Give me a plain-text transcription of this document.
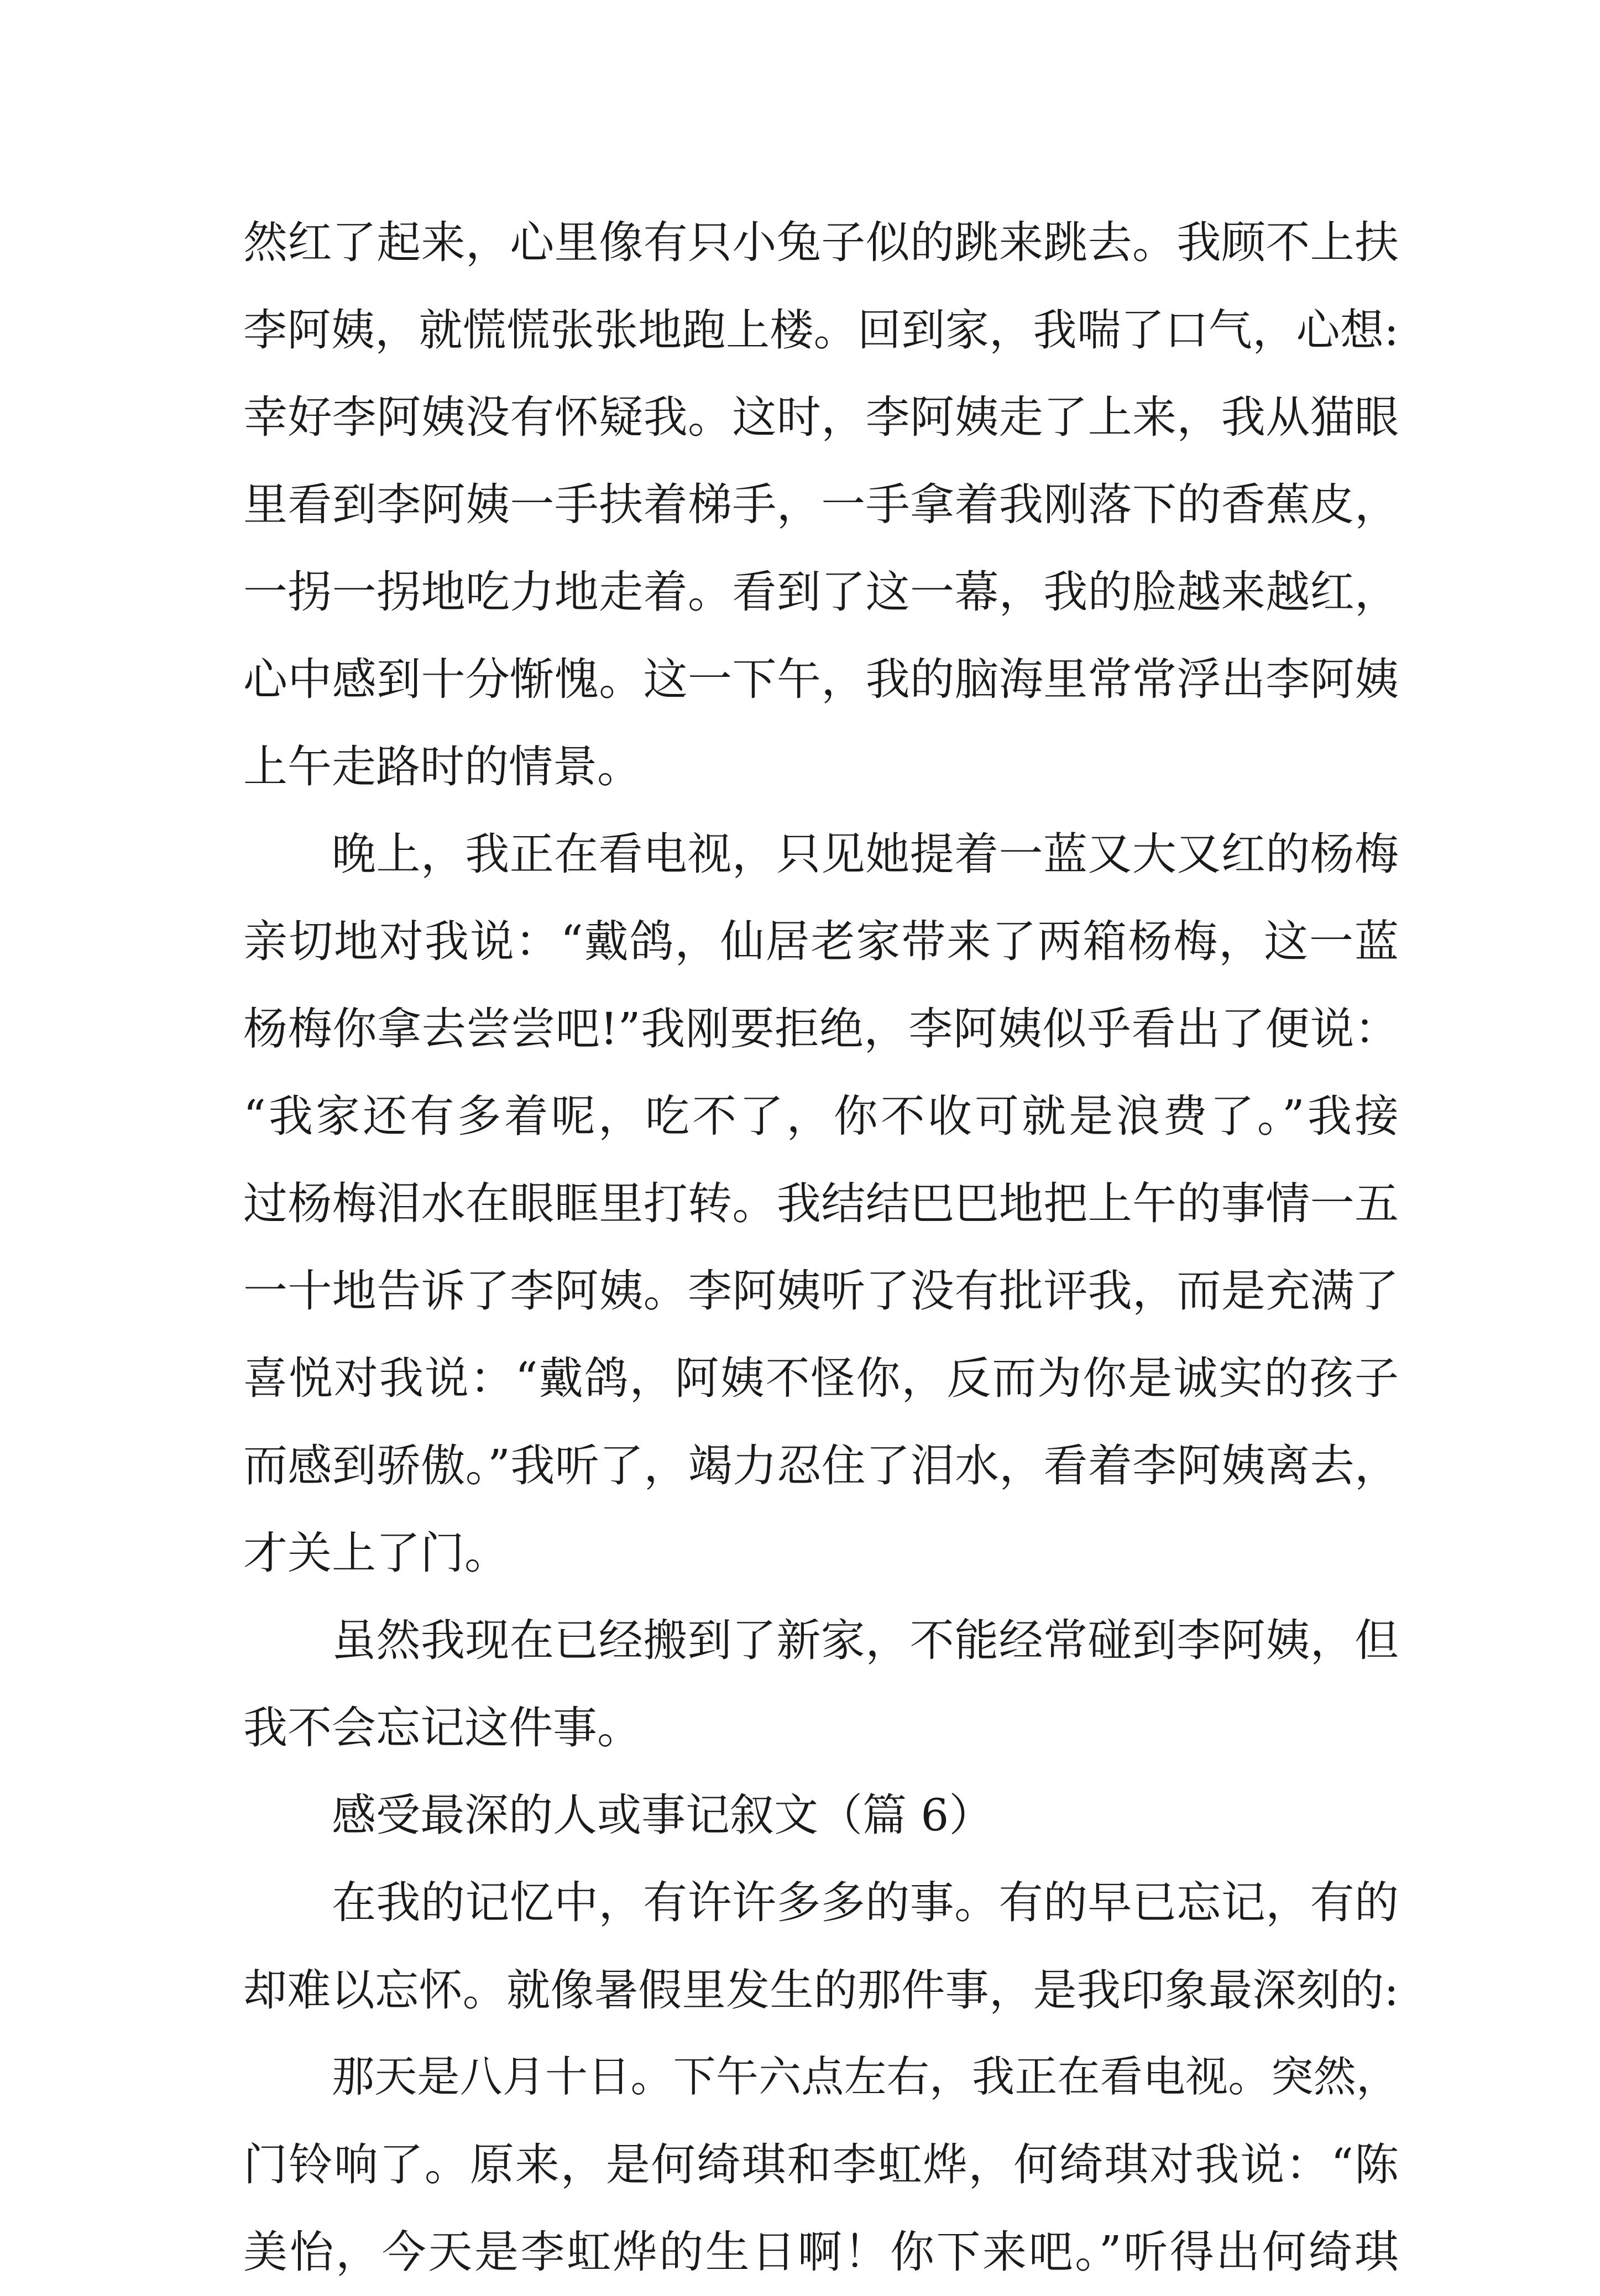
然红了起来，心里像有只小兔子似的跳来跳去。我顾不上扶
李阿姨，就慌慌张张地跑上楼。回到家，我喘了口气，心想:
幸好李阿姨没有怀疑我。这时，李阿姨走了上来，我从猫眼
里看到李阿姨一手扶着梯手，一手拿着我刚落下的香蕉皮，
一拐一拐地吃力地走着。看到了这一幕，我的脸越来越红，
心中感到十分惭愧。这一下午，我的脑海里常常浮出李阿姨
上午走路时的情景。
晚上，我正在看电视，只见她提着一蓝又大又红的杨梅
亲切地对我说：“戴鸽，仙居老家带来了两箱杨梅，这一蓝
杨梅你拿去尝尝吧!”我刚要拒绝，李阿姨似乎看出了便说：
“我家还有多着呢，吃不了，你不收可就是浪费了。”我接
过杨梅泪水在眼眶里打转。我结结巴巴地把上午的事情一五
一十地告诉了李阿姨。李阿姨听了没有批评我，而是充满了
喜悦对我说：“戴鸽，阿姨不怪你，反而为你是诚实的孩子
而感到骄傲。”我听了，竭力忍住了泪水，看着李阿姨离去，
才关上了门。
虽然我现在已经搬到了新家，不能经常碰到李阿姨，但
我不会忘记这件事。
感受最深的人或事记叙文（篇 6）
在我的记忆中，有许许多多的事。有的早已忘记，有的
却难以忘怀。就像暑假里发生的那件事，是我印象最深刻的:
那天是八月十日。下午六点左右，我正在看电视。突然，
门铃响了。原来，是何绮琪和李虹烨，何绮琪对我说：“陈
美怡，今天是李虹烨的生日啊！你下来吧。”听得出何绮琪
